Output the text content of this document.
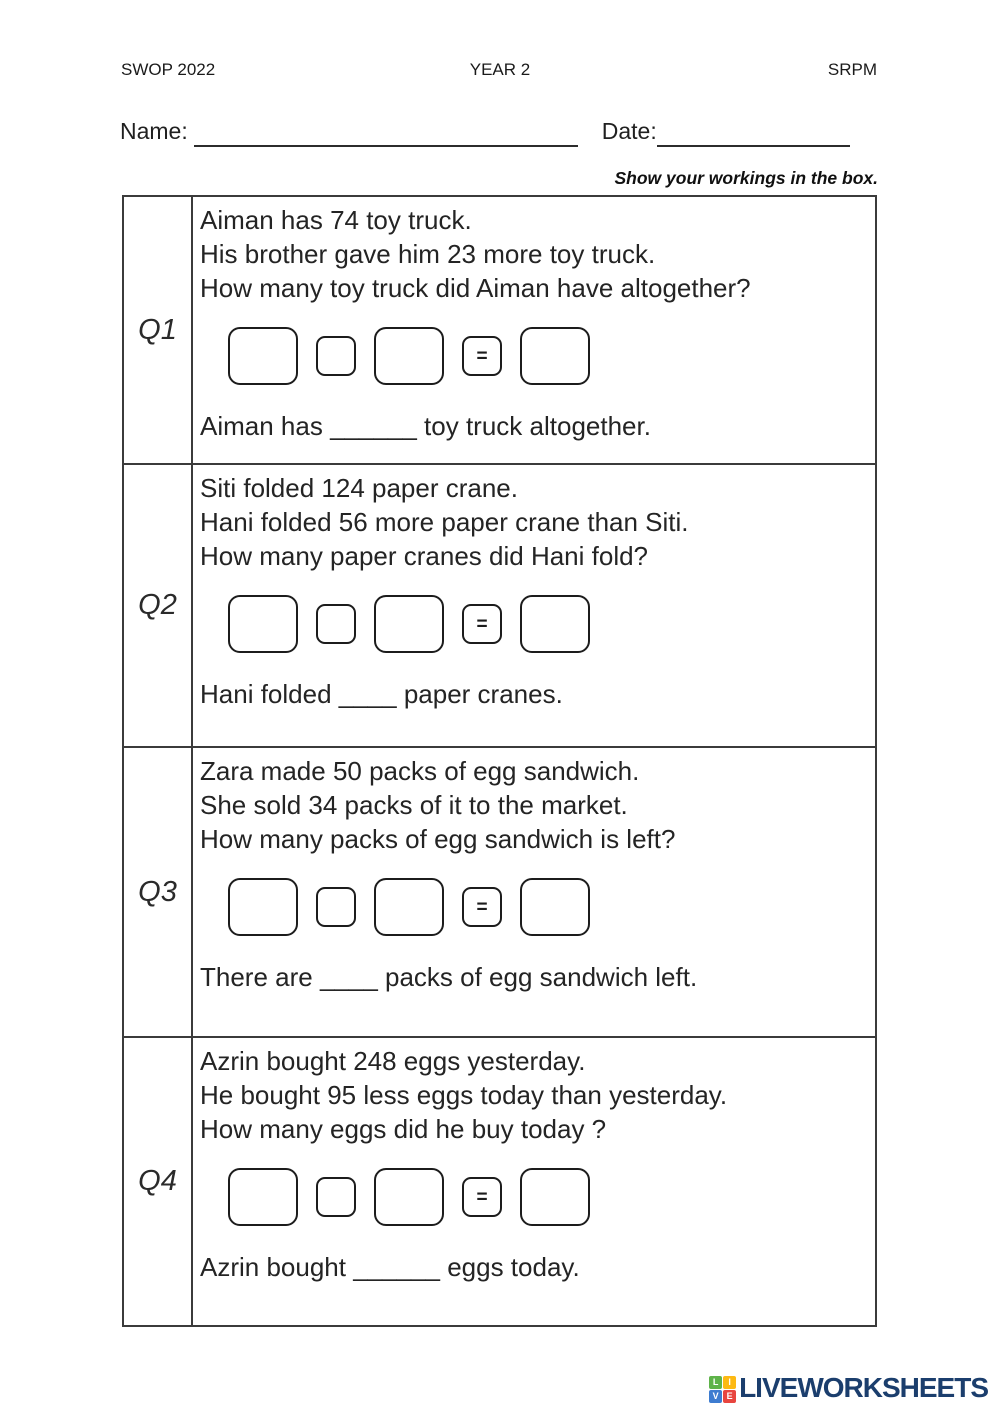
SWOP 2022	YEAR 2	SRPM
Name:	Date:
Show your workings in the box.
Q1
Aiman has 74 toy truck.
His brother gave him 23 more toy truck.
How many toy truck did Aiman have altogether?
=
Aiman has ______ toy truck altogether.
Q2
Siti folded 124 paper crane.
Hani folded 56 more paper crane than Siti.
How many paper cranes did Hani fold?
=
Hani folded ____ paper cranes.
Q3
Zara made 50 packs of egg sandwich.
She sold 34 packs of it to the market.
How many packs of egg sandwich is left?
=
There are ____ packs of egg sandwich left.
Q4
Azrin bought 248 eggs yesterday.
He bought 95 less eggs today than yesterday.
How many eggs did he buy today ?
=
Azrin bought ______ eggs today.
L	I
V E LIVEWORKSHEETS
